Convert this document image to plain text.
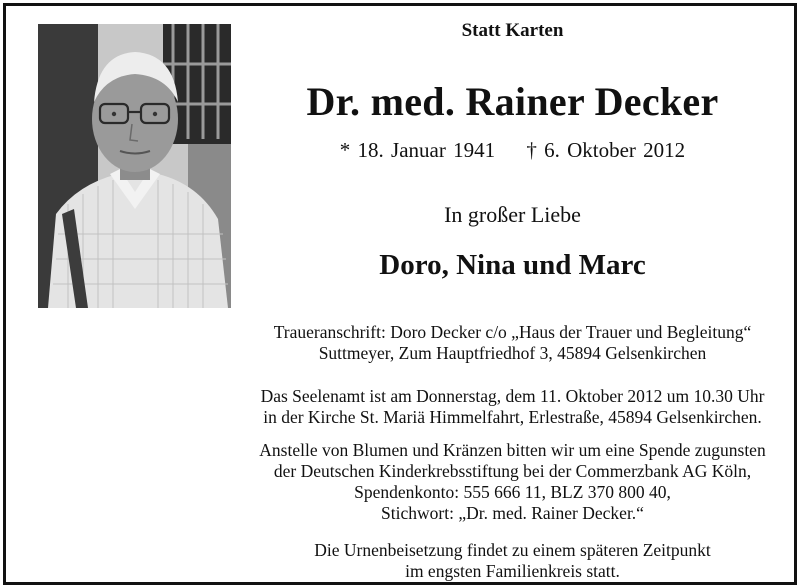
Statt Karten
Dr. med. Rainer Decker
* 18. Januar 1941 † 6. Oktober 2012
In großer Liebe
Doro, Nina und Marc
Traueranschrift: Doro Decker c/o „Haus der Trauer und Begleitung“
Suttmeyer, Zum Hauptfriedhof 3, 45894 Gelsenkirchen
Das Seelenamt ist am Donnerstag, dem 11. Oktober 2012 um 10.30 Uhr
in der Kirche St. Mariä Himmelfahrt, Erlestraße, 45894 Gelsenkirchen.
Anstelle von Blumen und Kränzen bitten wir um eine Spende zugunsten
der Deutschen Kinderkrebsstiftung bei der Commerzbank AG Köln,
Spendenkonto: 555 666 11, BLZ 370 800 40,
Stichwort: „Dr. med. Rainer Decker.“
Die Urnenbeisetzung findet zu einem späteren Zeitpunkt
im engsten Familienkreis statt.
